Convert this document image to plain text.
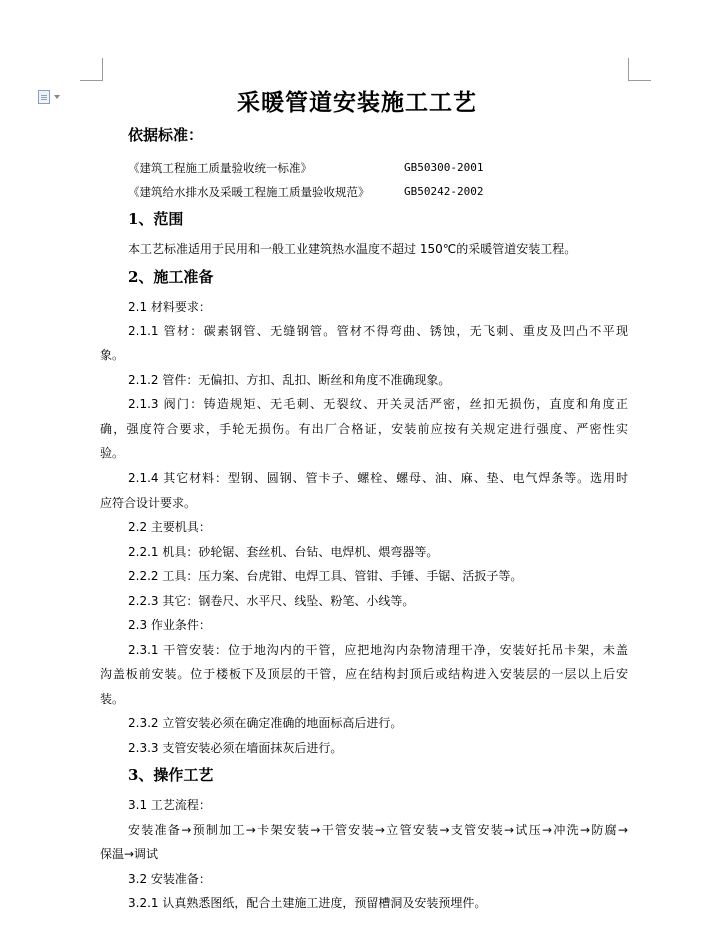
采暖管道安装施工工艺
依据标准：
《建筑工程施工质量验收统一标准》	GB50300-2001
《建筑给水排水及采暖工程施工质量验收规范》	GB50242-2002
1、范围
本工艺标准适用于民用和一般工业建筑热水温度不超过 150℃的采暖管道安装工程。
2、施工准备
2.1 材料要求：
2.1.1 管材：碳素钢管、无缝钢管。管材不得弯曲、锈蚀，无飞刺、重皮及凹凸不平现
象。
2.1.2 管件：无偏扣、方扣、乱扣、断丝和角度不准确现象。
2.1.3 阀门：铸造规矩、无毛刺、无裂纹、开关灵活严密，丝扣无损伤，直度和角度正
确，强度符合要求，手轮无损伤。有出厂合格证，安装前应按有关规定进行强度、严密性实
验。
2.1.4 其它材料：型钢、圆钢、管卡子、螺栓、螺母、油、麻、垫、电气焊条等。选用时
应符合设计要求。
2.2 主要机具：
2.2.1 机具：砂轮锯、套丝机、台钻、电焊机、煨弯器等。
2.2.2 工具：压力案、台虎钳、电焊工具、管钳、手锤、手锯、活扳子等。
2.2.3 其它：钢卷尺、水平尺、线坠、粉笔、小线等。
2.3 作业条件：
2.3.1 干管安装：位于地沟内的干管，应把地沟内杂物清理干净，安装好托吊卡架，未盖
沟盖板前安装。位于楼板下及顶层的干管，应在结构封顶后或结构进入安装层的一层以上后安
装。
2.3.2 立管安装必须在确定准确的地面标高后进行。
2.3.3 支管安装必须在墙面抹灰后进行。
3、操作工艺
3.1 工艺流程：
安装准备→预制加工→卡架安装→干管安装→立管安装→支管安装→试压→冲洗→防腐→
保温→调试
3.2 安装准备：
3.2.1 认真熟悉图纸，配合土建施工进度，预留槽洞及安装预埋件。
